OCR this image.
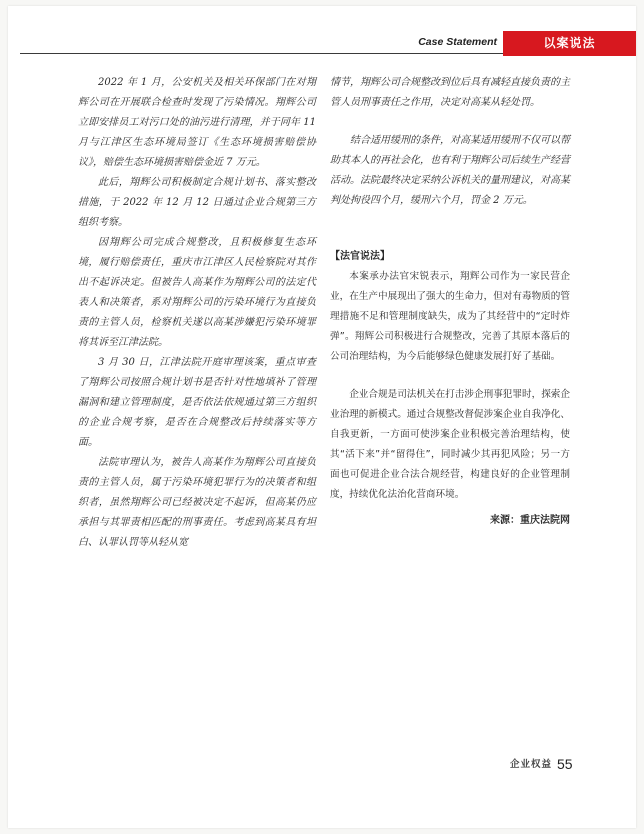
Case Statement	以案说法

2022 年 1 月，公安机关及相关环保部门在对翔辉公司在开展联合检查时发现了污染情况。翔辉公司立即安排员工对污口处的油污进行清理，并于同年 11 月与江津区生态环境局签订《生态环境损害赔偿协议》，赔偿生态环境损害赔偿金近 7 万元。

此后，翔辉公司积极制定合规计划书、落实整改措施，于 2022 年 12 月 12 日通过企业合规第三方组织考察。

因翔辉公司完成合规整改，且积极修复生态环境，履行赔偿责任，重庆市江津区人民检察院对其作出不起诉决定。但被告人高某作为翔辉公司的法定代表人和决策者，系对翔辉公司的污染环境行为直接负责的主管人员，检察机关遂以高某涉嫌犯污染环境罪将其诉至江津法院。

3 月 30 日，江津法院开庭审理该案，重点审查了翔辉公司按照合规计划书是否针对性地填补了管理漏洞和建立管理制度，是否依法依规通过第三方组织的企业合规考察，是否在合规整改后持续落实等方面。

法院审理认为，被告人高某作为翔辉公司直接负责的主管人员，属于污染环境犯罪行为的决策者和组织者，虽然翔辉公司已经被决定不起诉，但高某仍应承担与其罪责相匹配的刑事责任。考虑到高某具有坦白、认罪认罚等从轻从宽

情节，翔辉公司合规整改到位后具有减轻直接负责的主管人员刑事责任之作用，决定对高某从轻处罚。

结合适用缓刑的条件，对高某适用缓刑不仅可以帮助其本人的再社会化，也有利于翔辉公司后续生产经营活动。法院最终决定采纳公诉机关的量刑建议，对高某判处拘役四个月，缓刑六个月，罚金 2 万元。

【法官说法】

本案承办法官宋锐表示，翔辉公司作为一家民营企业，在生产中展现出了强大的生命力，但对有毒物质的管理措施不足和管理制度缺失，成为了其经营中的“定时炸弹”。翔辉公司积极进行合规整改，完善了其原本落后的公司治理结构，为今后能够绿色健康发展打好了基础。

企业合规是司法机关在打击涉企刑事犯罪时，探索企业治理的新模式。通过合规整改督促涉案企业自我净化、自我更新，一方面可使涉案企业积极完善治理结构，使其“活下来”并“留得住”，同时减少其再犯风险；另一方面也可促进企业合法合规经营，构建良好的企业管理制度，持续优化法治化营商环境。

来源：重庆法院网
企业权益 55
